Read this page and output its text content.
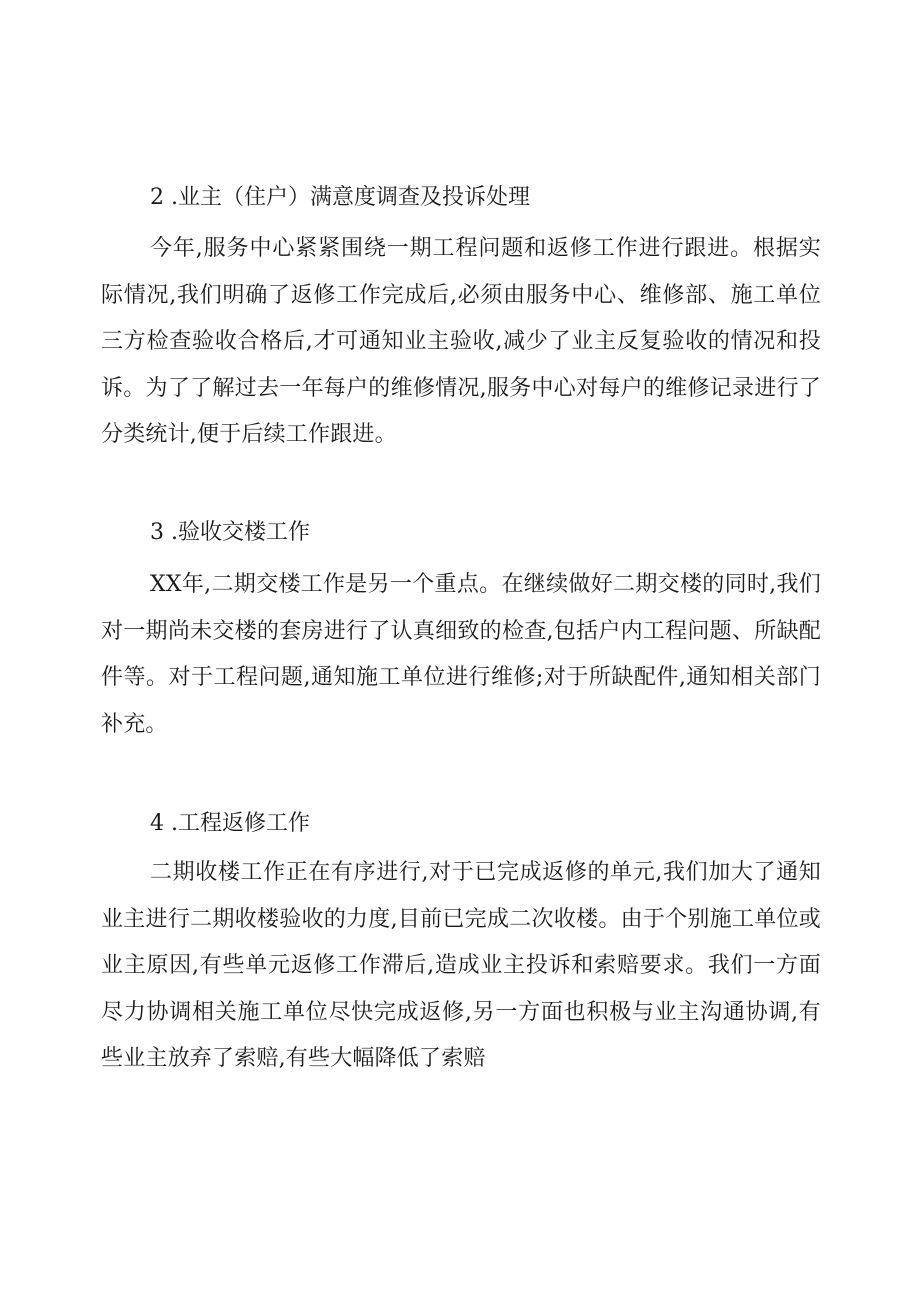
2 .业主（住户）满意度调查及投诉处理
今年,服务中心紧紧围绕一期工程问题和返修工作进行跟进。根据实际情况,我们明确了返修工作完成后,必须由服务中心、维修部、施工单位三方检查验收合格后,才可通知业主验收,减少了业主反复验收的情况和投诉。为了了解过去一年每户的维修情况,服务中心对每户的维修记录进行了分类统计,便于后续工作跟进。
3 .验收交楼工作
XX年,二期交楼工作是另一个重点。在继续做好二期交楼的同时,我们对一期尚未交楼的套房进行了认真细致的检查,包括户内工程问题、所缺配件等。对于工程问题,通知施工单位进行维修;对于所缺配件,通知相关部门补充。
4 .工程返修工作
二期收楼工作正在有序进行,对于已完成返修的单元,我们加大了通知业主进行二期收楼验收的力度,目前已完成二次收楼。由于个别施工单位或业主原因,有些单元返修工作滞后,造成业主投诉和索赔要求。我们一方面尽力协调相关施工单位尽快完成返修,另一方面也积极与业主沟通协调,有些业主放弃了索赔,有些大幅降低了索赔
